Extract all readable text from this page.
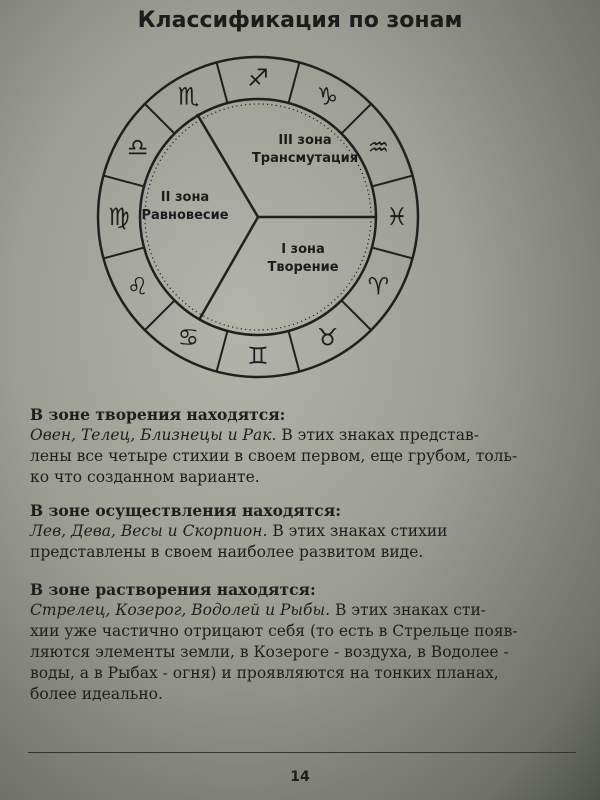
Классификация по зонам
III зона
Трансмутация
II зона
Равновесие
I зона
Творение
♐
♑
♒
♓
♈
♉
♊
♋
♌
♍
♎
♏

В зоне творения находятся:

Овен, Телец, Близнецы и Рак. В этих знаках представ-

лены все четыре стихии в своем первом, еще грубом, толь-

ко что созданном варианте.

В зоне осуществления находятся:

Лев, Дева, Весы и Скорпион. В этих знаках стихии

представлены в своем наиболее развитом виде.

В зоне растворения находятся:

Стрелец, Козерог, Водолей и Рыбы. В этих знаках сти-

хии уже частично отрицают себя (то есть в Стрельце появ-

ляются элементы земли, в Козероге - воздуха, в Водолее -

воды, а в Рыбах - огня) и проявляются на тонких планах,

более идеально.

14
